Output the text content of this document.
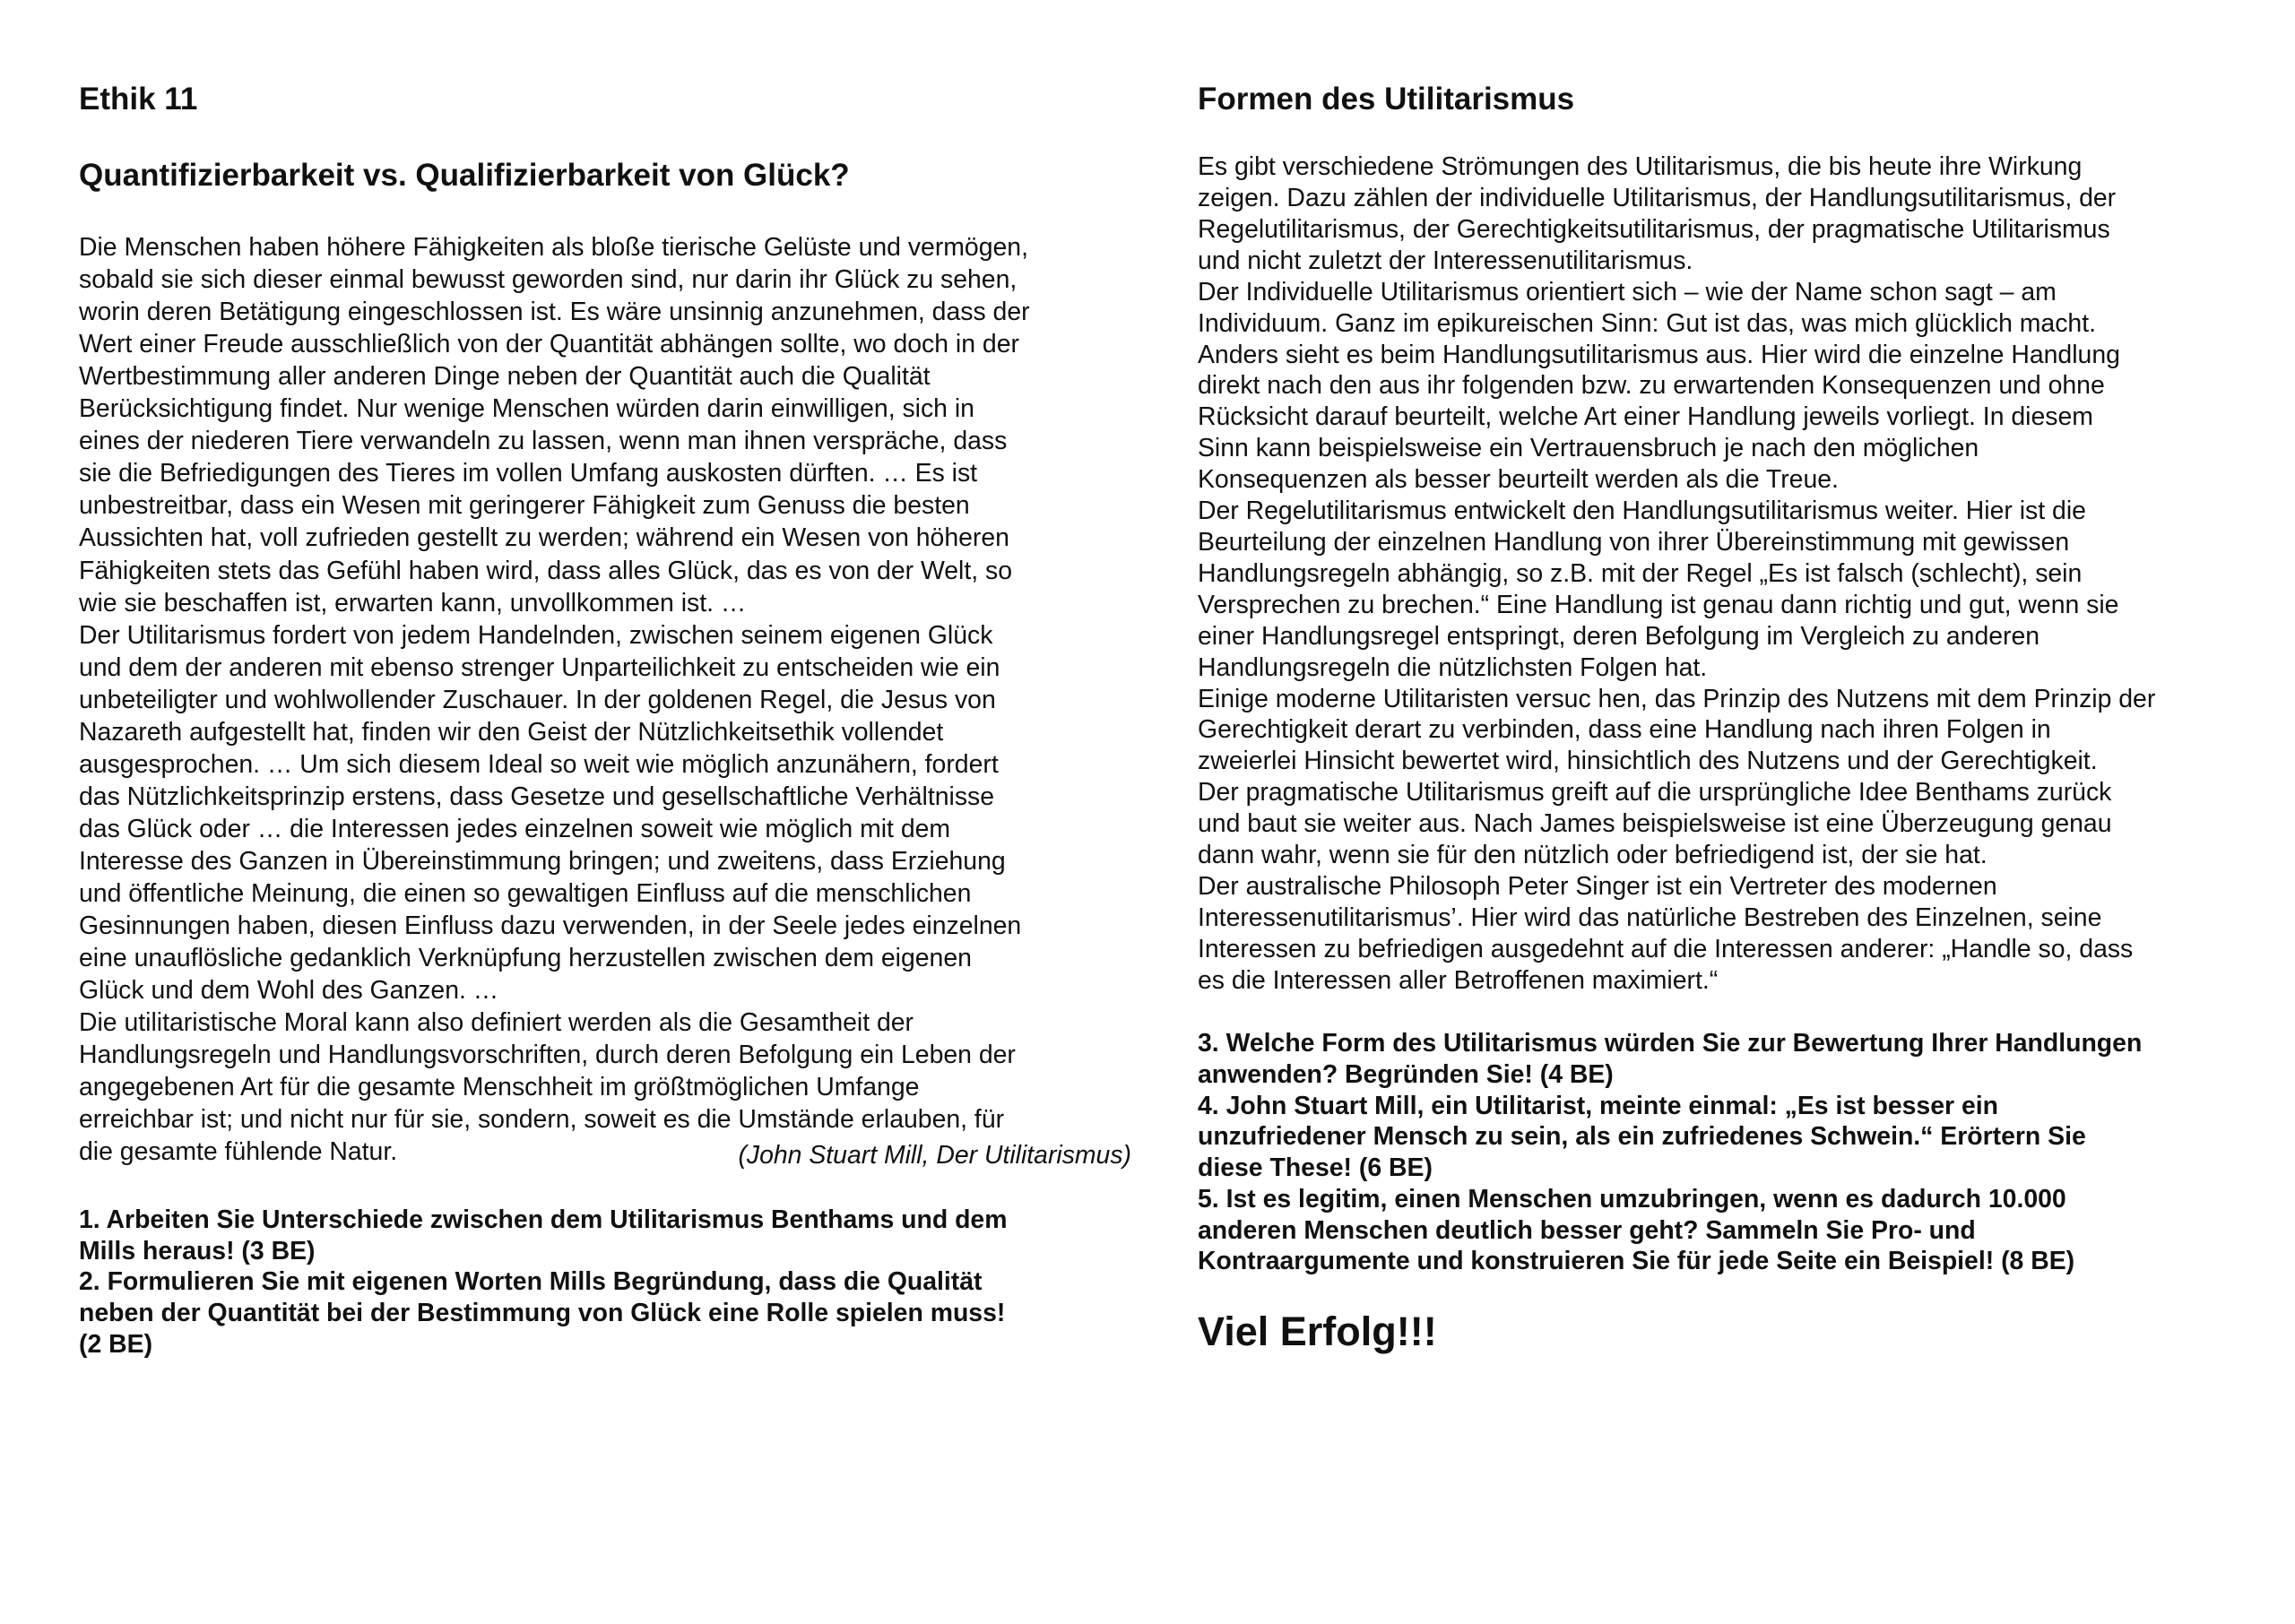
Ethik 11
Quantifizierbarkeit vs. Qualifizierbarkeit von Glück?
Die Menschen haben höhere Fähigkeiten als bloße tierische Gelüste und vermögen,
sobald sie sich dieser einmal bewusst geworden sind, nur darin ihr Glück zu sehen,
worin deren Betätigung eingeschlossen ist. Es wäre unsinnig anzunehmen, dass der
Wert einer Freude ausschließlich von der Quantität abhängen sollte, wo doch in der
Wertbestimmung aller anderen Dinge neben der Quantität auch die Qualität
Berücksichtigung findet. Nur wenige Menschen würden darin einwilligen, sich in
eines der niederen Tiere verwandeln zu lassen, wenn man ihnen verspräche, dass
sie die Befriedigungen des Tieres im vollen Umfang auskosten dürften. … Es ist
unbestreitbar, dass ein Wesen mit geringerer Fähigkeit zum Genuss die besten
Aussichten hat, voll zufrieden gestellt zu werden; während ein Wesen von höheren
Fähigkeiten stets das Gefühl haben wird, dass alles Glück, das es von der Welt, so
wie sie beschaffen ist, erwarten kann, unvollkommen ist. …
Der Utilitarismus fordert von jedem Handelnden, zwischen seinem eigenen Glück
und dem der anderen mit ebenso strenger Unparteilichkeit zu entscheiden wie ein
unbeteiligter und wohlwollender Zuschauer. In der goldenen Regel, die Jesus von
Nazareth aufgestellt hat, finden wir den Geist der Nützlichkeitsethik vollendet
ausgesprochen. … Um sich diesem Ideal so weit wie möglich anzunähern, fordert
das Nützlichkeitsprinzip erstens, dass Gesetze und gesellschaftliche Verhältnisse
das Glück oder … die Interessen jedes einzelnen soweit wie möglich mit dem
Interesse des Ganzen in Übereinstimmung bringen; und zweitens, dass Erziehung
und öffentliche Meinung, die einen so gewaltigen Einfluss auf die menschlichen
Gesinnungen haben, diesen Einfluss dazu verwenden, in der Seele jedes einzelnen
eine unauflösliche gedanklich Verknüpfung herzustellen zwischen dem eigenen
Glück und dem Wohl des Ganzen. …
Die utilitaristische Moral kann also definiert werden als die Gesamtheit der
Handlungsregeln und Handlungsvorschriften, durch deren Befolgung ein Leben der
angegebenen Art für die gesamte Menschheit im größtmöglichen Umfange
erreichbar ist; und nicht nur für sie, sondern, soweit es die Umstände erlauben, für
die gesamte fühlende Natur.	(John Stuart Mill, Der Utilitarismus)
1. Arbeiten Sie Unterschiede zwischen dem Utilitarismus Benthams und dem
Mills heraus! (3 BE)
2. Formulieren Sie mit eigenen Worten Mills Begründung, dass die Qualität
neben der Quantität bei der Bestimmung von Glück eine Rolle spielen muss!
(2 BE)
Formen des Utilitarismus
Es gibt verschiedene Strömungen des Utilitarismus, die bis heute ihre Wirkung
zeigen. Dazu zählen der individuelle Utilitarismus, der Handlungsutilitarismus, der
Regelutilitarismus, der Gerechtigkeitsutilitarismus, der pragmatische Utilitarismus
und nicht zuletzt der Interessenutilitarismus.
Der Individuelle Utilitarismus orientiert sich – wie der Name schon sagt – am
Individuum. Ganz im epikureischen Sinn: Gut ist das, was mich glücklich macht.
Anders sieht es beim Handlungsutilitarismus aus. Hier wird die einzelne Handlung
direkt nach den aus ihr folgenden bzw. zu erwartenden Konsequenzen und ohne
Rücksicht darauf beurteilt, welche Art einer Handlung jeweils vorliegt. In diesem
Sinn kann beispielsweise ein Vertrauensbruch je nach den möglichen
Konsequenzen als besser beurteilt werden als die Treue.
Der Regelutilitarismus entwickelt den Handlungsutilitarismus weiter. Hier ist die
Beurteilung der einzelnen Handlung von ihrer Übereinstimmung mit gewissen
Handlungsregeln abhängig, so z.B. mit der Regel „Es ist falsch (schlecht), sein
Versprechen zu brechen.“ Eine Handlung ist genau dann richtig und gut, wenn sie
einer Handlungsregel entspringt, deren Befolgung im Vergleich zu anderen
Handlungsregeln die nützlichsten Folgen hat.
Einige moderne Utilitaristen versuc hen, das Prinzip des Nutzens mit dem Prinzip der
Gerechtigkeit derart zu verbinden, dass eine Handlung nach ihren Folgen in
zweierlei Hinsicht bewertet wird, hinsichtlich des Nutzens und der Gerechtigkeit.
Der pragmatische Utilitarismus greift auf die ursprüngliche Idee Benthams zurück
und baut sie weiter aus. Nach James beispielsweise ist eine Überzeugung genau
dann wahr, wenn sie für den nützlich oder befriedigend ist, der sie hat.
Der australische Philosoph Peter Singer ist ein Vertreter des modernen
Interessenutilitarismus’. Hier wird das natürliche Bestreben des Einzelnen, seine
Interessen zu befriedigen ausgedehnt auf die Interessen anderer: „Handle so, dass
es die Interessen aller Betroffenen maximiert.“
3. Welche Form des Utilitarismus würden Sie zur Bewertung Ihrer Handlungen
anwenden? Begründen Sie! (4 BE)
4. John Stuart Mill, ein Utilitarist, meinte einmal: „Es ist besser ein
unzufriedener Mensch zu sein, als ein zufriedenes Schwein.“ Erörtern Sie
diese These! (6 BE)
5. Ist es legitim, einen Menschen umzubringen, wenn es dadurch 10.000
anderen Menschen deutlich besser geht? Sammeln Sie Pro- und
Kontraargumente und konstruieren Sie für jede Seite ein Beispiel! (8 BE)
Viel Erfolg!!!
